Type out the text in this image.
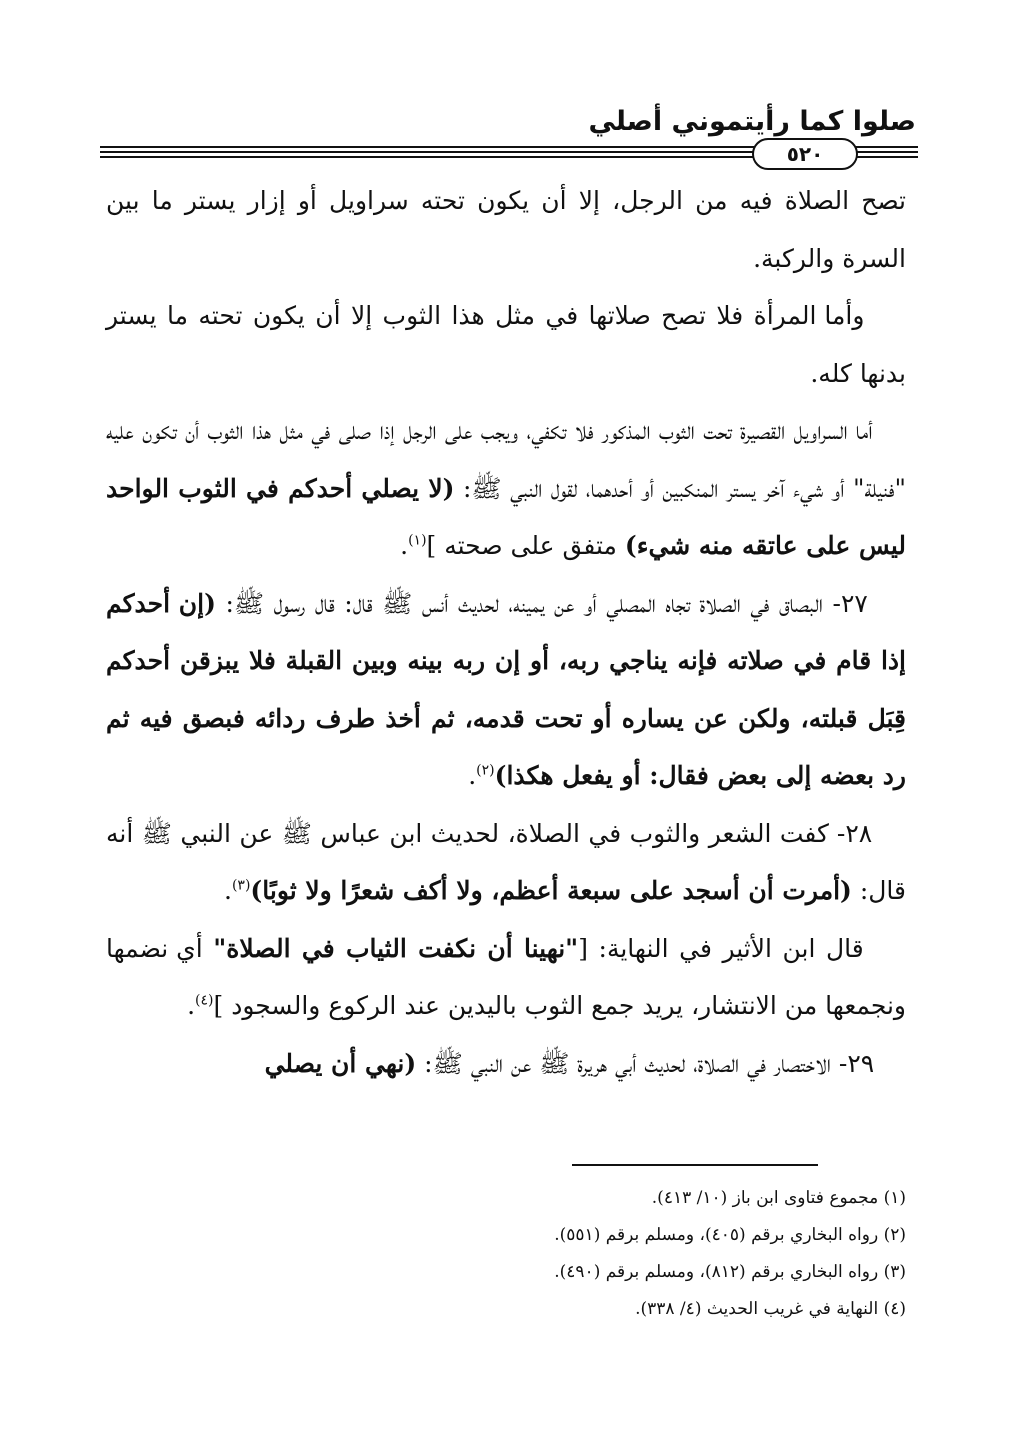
صلوا كما رأيتموني أصلي
٥٢٠

تصح الصلاة فيه من الرجل، إلا أن يكون تحته سراويل أو إزار يستر ما بين السرة والركبة.

وأما المرأة فلا تصح صلاتها في مثل هذا الثوب إلا أن يكون تحته ما يستر بدنها كله.

أما السراويل القصيرة تحت الثوب المذكور فلا تكفي، ويجب على الرجل إذا صلى في مثل هذا الثوب أن تكون عليه "فنيلة" أو شيء آخر يستر المنكبين أو أحدهما، لقول النبي ﷺ: (لا يصلي أحدكم في الثوب الواحد ليس على عاتقه منه شيء) متفق على صحته ]$^{(١)}$.

٢٧- البصاق في الصلاة تجاه المصلي أو عن يمينه، لحديث أنس ﷺ قال: قال رسول ﷺ: (إن أحدكم إذا قام في صلاته فإنه يناجي ربه، أو إن ربه بينه وبين القبلة فلا يبزقن أحدكم قِبَل قبلته، ولكن عن يساره أو تحت قدمه، ثم أخذ طرف ردائه فبصق فيه ثم رد بعضه إلى بعض فقال: أو يفعل هكذا)$^{(٢)}$.

٢٨- كفت الشعر والثوب في الصلاة، لحديث ابن عباس ﷺ عن النبي ﷺ أنه قال: (أمرت أن أسجد على سبعة أعظم، ولا أكف شعرًا ولا ثوبًا)$^{(٣)}$.

قال ابن الأثير في النهاية: ["نهينا أن نكفت الثياب في الصلاة" أي نضمها ونجمعها من الانتشار، يريد جمع الثوب باليدين عند الركوع والسجود ]$^{(٤)}$.

٢٩- الاختصار في الصلاة، لحديث أبي هريرة ﷺ عن النبي ﷺ: (نهي أن يصلي

(١) مجموع فتاوى ابن باز (١٠/ ٤١٣).
(٢) رواه البخاري برقم (٤٠٥)، ومسلم برقم (٥٥١).
(٣) رواه البخاري برقم (٨١٢)، ومسلم برقم (٤٩٠).
(٤) النهاية في غريب الحديث (٤/ ٣٣٨).
